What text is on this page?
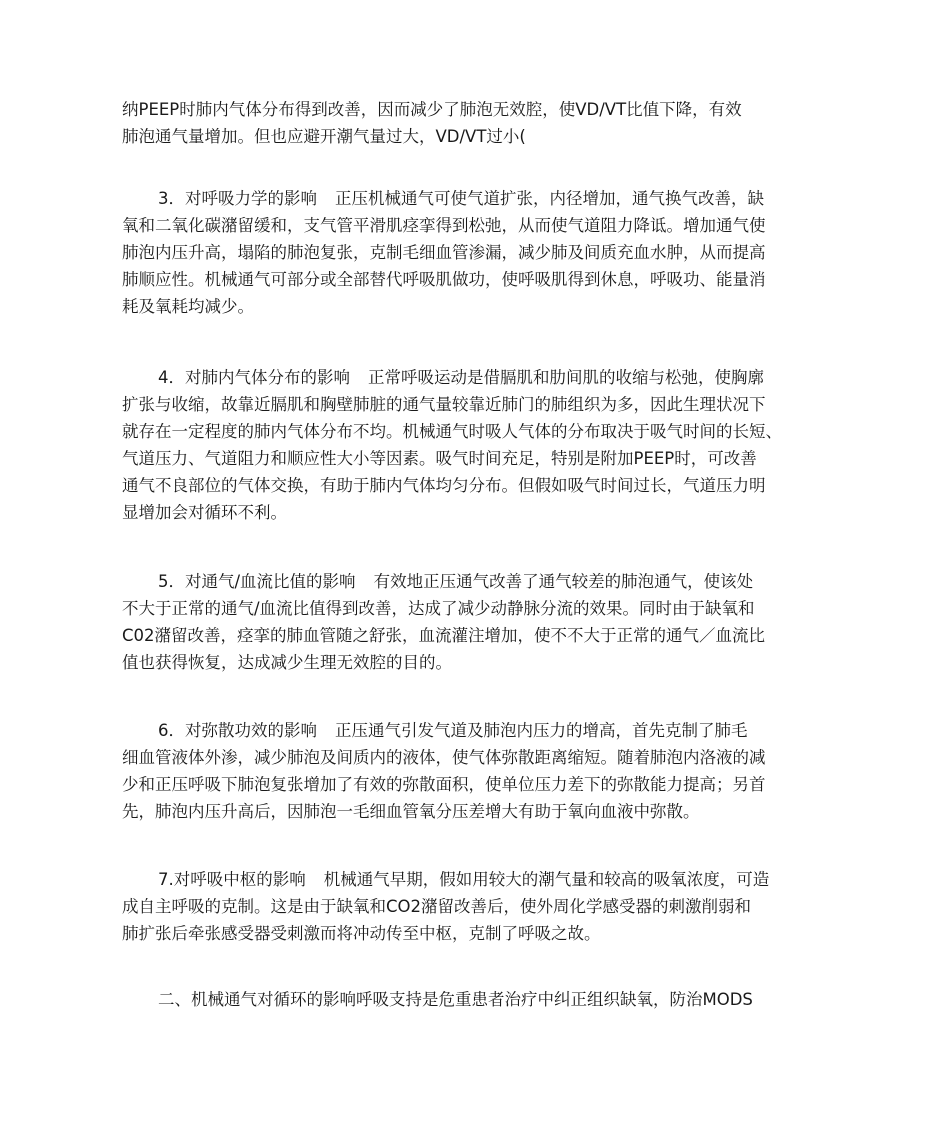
纳PEEP时肺内气体分布得到改善，因而减少了肺泡无效腔，使VD/VT比值下降，有效
肺泡通气量增加。但也应避开潮气量过大，VD/VT过小(
3．对呼吸力学的影响 正压机械通气可使气道扩张，内径增加，通气换气改善，缺
氧和二氧化碳潴留缓和，支气管平滑肌痉挛得到松弛，从而使气道阻力降诋。增加通气使
肺泡内压升高，塌陷的肺泡复张，克制毛细血管渗漏，减少肺及间质充血水肿，从而提高
肺顺应性。机械通气可部分或全部替代呼吸肌做功，使呼吸肌得到休息，呼吸功、能量消
耗及氧耗均减少。
4．对肺内气体分布的影响 正常呼吸运动是借膈肌和肋间肌的收缩与松弛，使胸廓
扩张与收缩，故靠近膈肌和胸壁肺脏的通气量较靠近肺门的肺组织为多，因此生理状况下
就存在一定程度的肺内气体分布不均。机械通气时吸人气体的分布取决于吸气时间的长短、
气道压力、气道阻力和顺应性大小等因素。吸气时间充足，特别是附加PEEP时，可改善
通气不良部位的气体交换，有助于肺内气体均匀分布。但假如吸气时间过长，气道压力明
显增加会对循环不利。
5．对通气/血流比值的影响 有效地正压通气改善了通气较差的肺泡通气，使该处
不大于正常的通气/血流比值得到改善，达成了减少动静脉分流的效果。同时由于缺氧和
C02潴留改善，痉挛的肺血管随之舒张，血流灌注增加，使不不大于正常的通气／血流比
值也获得恢复，达成减少生理无效腔的目的。
6．对弥散功效的影响 正压通气引发气道及肺泡内压力的增高，首先克制了肺毛
细血管液体外渗，减少肺泡及间质内的液体，使气体弥散距离缩短。随着肺泡内洛液的减
少和正压呼吸下肺泡复张增加了有效的弥散面积，使单位压力差下的弥散能力提高；另首
先，肺泡内压升高后，因肺泡一毛细血管氧分压差增大有助于氧向血液中弥散。
7.对呼吸中枢的影响 机械通气早期，假如用较大的潮气量和较高的吸氧浓度，可造
成自主呼吸的克制。这是由于缺氧和CO2潴留改善后，使外周化学感受器的刺激削弱和
肺扩张后牵张感受器受刺激而将冲动传至中枢，克制了呼吸之故。
二、机械通气对循环的影响呼吸支持是危重患者治疗中纠正组织缺氧，防治MODS
